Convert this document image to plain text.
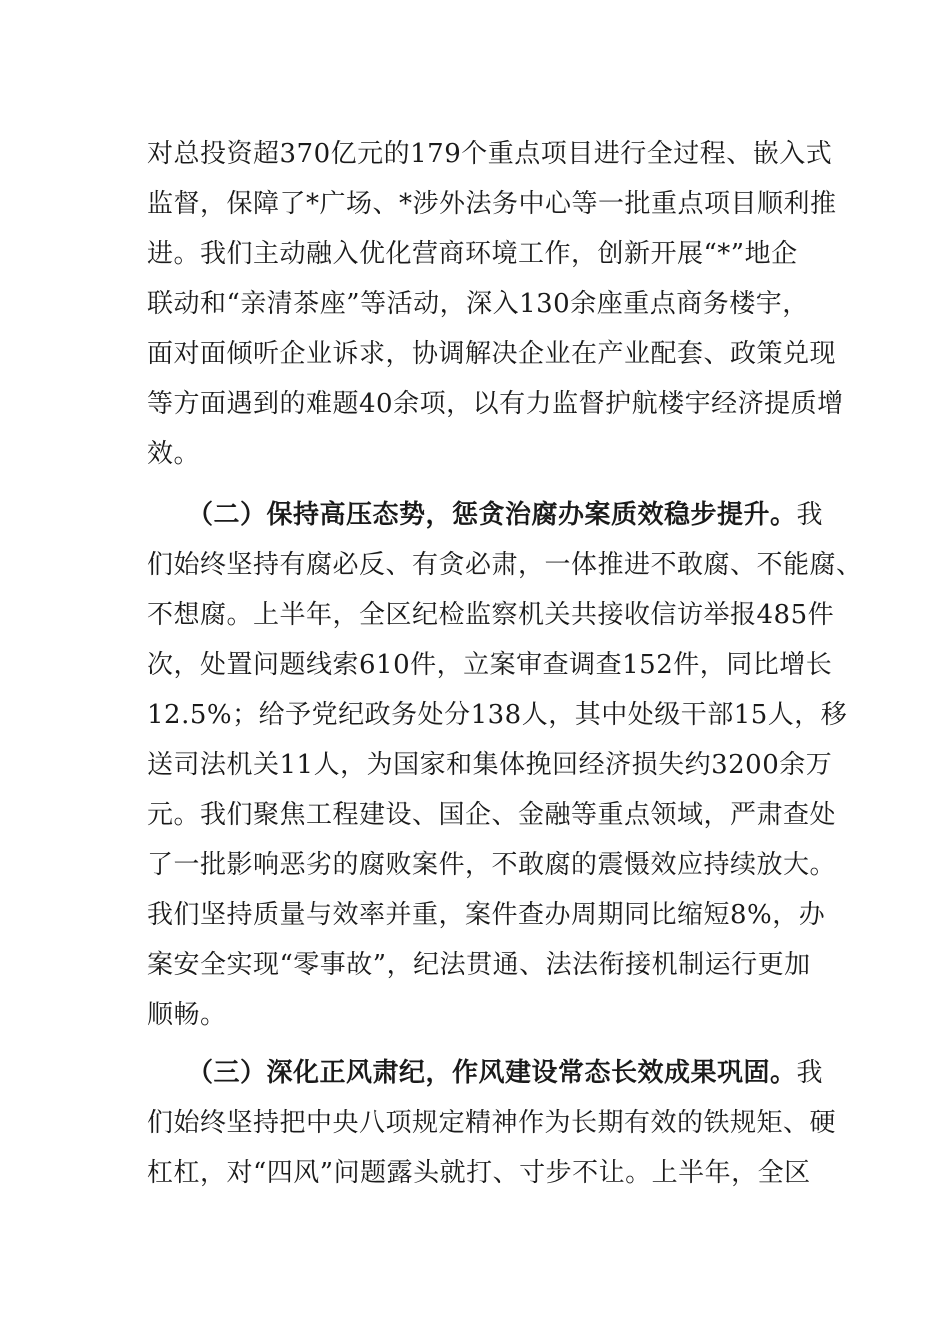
对总投资超370亿元的179个重点项目进行全过程、嵌入式
监督，保障了*广场、*涉外法务中心等一批重点项目顺利推
进。我们主动融入优化营商环境工作，创新开展“*”地企
联动和“亲清茶座”等活动，深入130余座重点商务楼宇，
面对面倾听企业诉求，协调解决企业在产业配套、政策兑现
等方面遇到的难题40余项，以有力监督护航楼宇经济提质增
效。
（二）保持高压态势，惩贪治腐办案质效稳步提升。我
们始终坚持有腐必反、有贪必肃，一体推进不敢腐、不能腐、
不想腐。上半年，全区纪检监察机关共接收信访举报485件
次，处置问题线索610件，立案审查调查152件，同比增长
12.5%；给予党纪政务处分138人，其中处级干部15人，移
送司法机关11人，为国家和集体挽回经济损失约3200余万
元。我们聚焦工程建设、国企、金融等重点领域，严肃查处
了一批影响恶劣的腐败案件，不敢腐的震慑效应持续放大。
我们坚持质量与效率并重，案件查办周期同比缩短8%，办
案安全实现“零事故”，纪法贯通、法法衔接机制运行更加
顺畅。
（三）深化正风肃纪，作风建设常态长效成果巩固。我
们始终坚持把中央八项规定精神作为长期有效的铁规矩、硬
杠杠，对“四风”问题露头就打、寸步不让。上半年，全区
